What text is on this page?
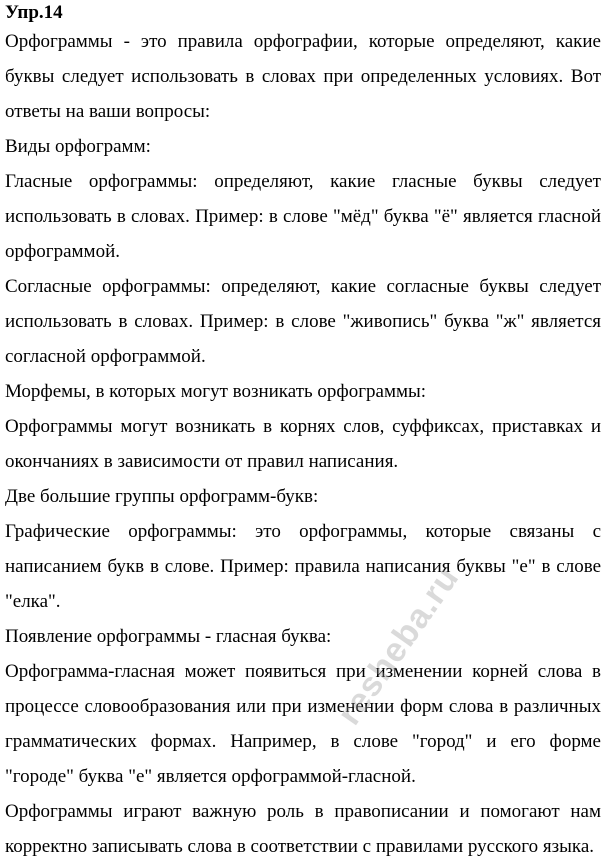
Упр.14

Орфограммы - это правила орфографии, которые определяют, какие буквы следует использовать в словах при определенных условиях. Вот ответы на ваши вопросы:

Виды орфограмм:

Гласные орфограммы: определяют, какие гласные буквы следует использовать в словах. Пример: в слове "мёд" буква "ё" является гласной орфограммой.

Согласные орфограммы: определяют, какие согласные буквы следует использовать в словах. Пример: в слове "живопись" буква "ж" является согласной орфограммой.

Морфемы, в которых могут возникать орфограммы:

Орфограммы могут возникать в корнях слов, суффиксах, приставках и окончаниях в зависимости от правил написания.

Две большие группы орфограмм-букв:

Графические орфограммы: это орфограммы, которые связаны с написанием букв в слове. Пример: правила написания буквы "е" в слове "елка".

Появление орфограммы - гласная буква:

Орфограмма-гласная может появиться при изменении корней слова в процессе словообразования или при изменении форм слова в различных грамматических формах. Например, в слове "город" и его форме "городе" буква "е" является орфограммой-гласной.

Орфограммы играют важную роль в правописании и помогают нам корректно записывать слова в соответствии с правилами русского языка.

resheba.ru
